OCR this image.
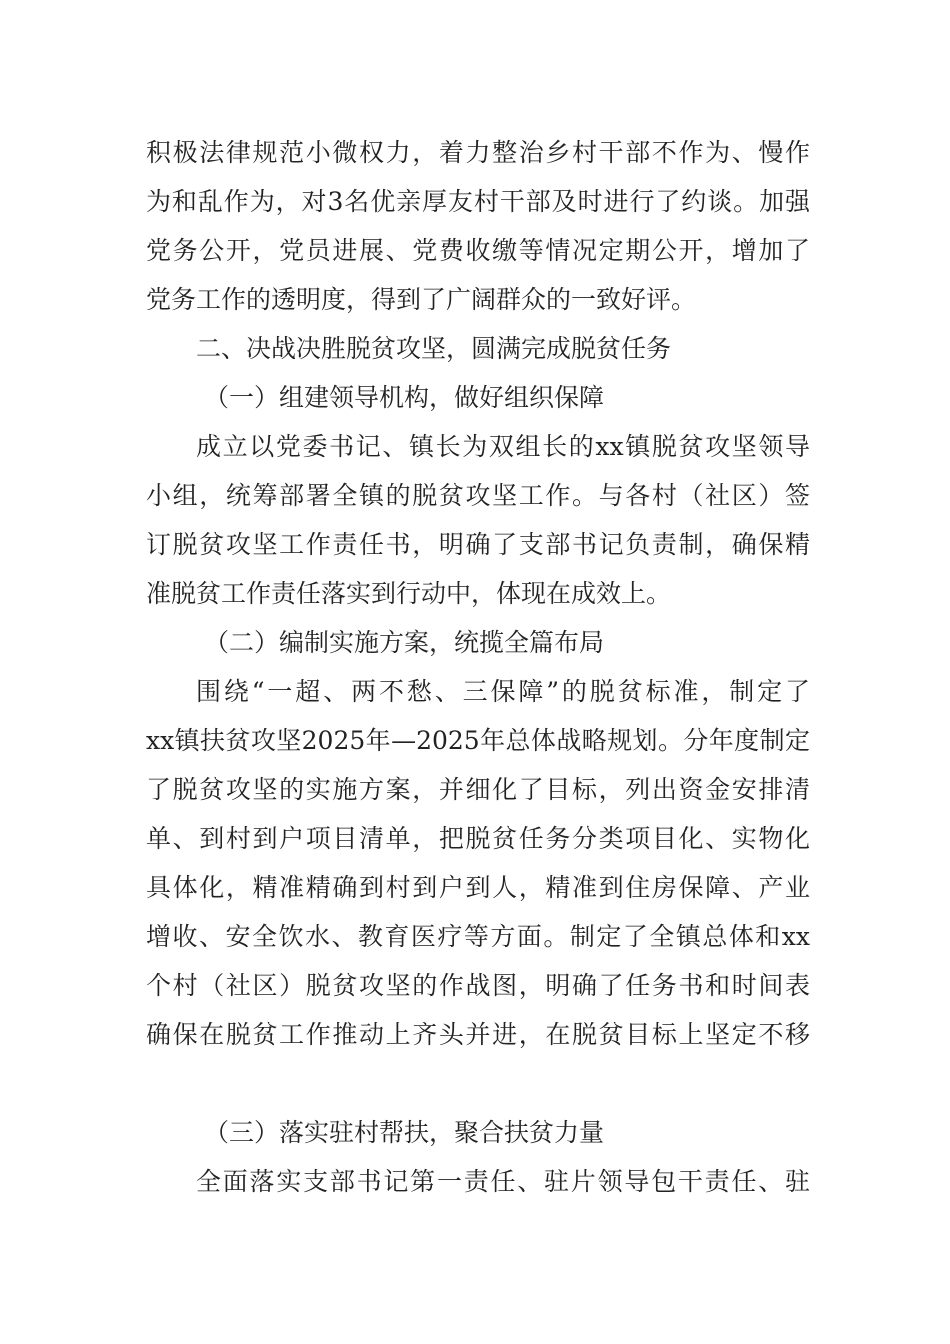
积极法律规范小微权力，着力整治乡村干部不作为、慢作
为和乱作为，对3名优亲厚友村干部及时进行了约谈。加强
党务公开，党员进展、党费收缴等情况定期公开，增加了
党务工作的透明度，得到了广阔群众的一致好评。
二、决战决胜脱贫攻坚，圆满完成脱贫任务
（一）组建领导机构，做好组织保障
成立以党委书记、镇长为双组长的xx镇脱贫攻坚领导
小组，统筹部署全镇的脱贫攻坚工作。与各村（社区）签
订脱贫攻坚工作责任书，明确了支部书记负责制，确保精
准脱贫工作责任落实到行动中，体现在成效上。
（二）编制实施方案，统揽全篇布局
围绕“一超、两不愁、三保障”的脱贫标准，制定了
xx镇扶贫攻坚2025年—2025年总体战略规划。分年度制定
了脱贫攻坚的实施方案，并细化了目标，列出资金安排清
单、到村到户项目清单，把脱贫任务分类项目化、实物化
具体化，精准精确到村到户到人，精准到住房保障、产业
增收、安全饮水、教育医疗等方面。制定了全镇总体和xx
个村（社区）脱贫攻坚的作战图，明确了任务书和时间表
确保在脱贫工作推动上齐头并进，在脱贫目标上坚定不移
（三）落实驻村帮扶，聚合扶贫力量
全面落实支部书记第一责任、驻片领导包干责任、驻
